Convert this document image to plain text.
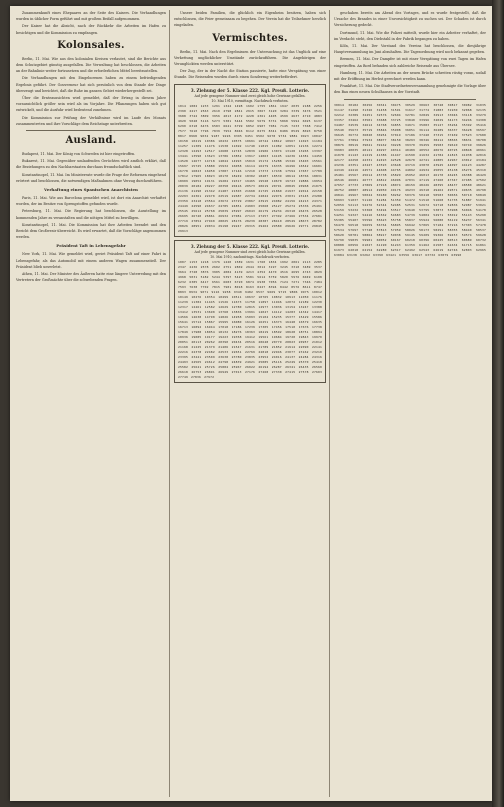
Zusammenkunft eines Ehepaares an der Seite des Kaisers. Die Verhandlungen wurden in üblicher Form geführt und mit großem Beifall aufgenommen.

Der Kaiser hat die Absicht, nach der Rückkehr die Arbeiten im Hafen zu besichtigen und die Kommission zu empfangen.

Kolonsales.

Berlin, 11. Mai. Wie aus den kolonialen Kreisen verlautet, sind die Berichte aus dem Schutzgebiet günstig ausgefallen. Die Verwaltung hat beschlossen, die Arbeiten an der Bahnlinie weiter fortzusetzen und die erforderlichen Mittel bereitzustellen.

Die Verhandlungen mit den Eingeborenen haben zu einem befriedigenden Ergebnis geführt. Der Gouverneur hat sich persönlich von dem Stande der Dinge überzeugt und berichtet, daß die Ruhe im ganzen Gebiet wiederhergestellt sei.

Über die Ernteaussichten wird gemeldet, daß der Ertrag in diesem Jahre voraussichtlich größer sein wird als im Vorjahre. Die Pflanzungen haben sich gut entwickelt, und die Ausfuhr wird bedeutend zunehmen.

Die Kommission zur Prüfung der Verhältnisse wird im Laufe des Monats zusammentreten und ihre Vorschläge dem Reichstage unterbreiten.

Ausland.

Budapest, 11. Mai. Der König von Schweden ist hier eingetroffen.

Bukarest, 11. Mai. Gegenüber umlaufenden Gerüchten wird amtlich erklärt, daß die Beziehungen zu den Nachbarstaaten durchaus freundschaftlich sind.

Konstantinopel, 11. Mai. Im Ministerrate wurde die Frage der Reformen eingehend erörtert und beschlossen, die notwendigen Maßnahmen ohne Verzug durchzuführen.

Verhaftung eines Spanischen Anarchisten

Paris, 11. Mai. Wie aus Barcelona gemeldet wird, ist dort ein Anarchist verhaftet worden, der im Besitze von Sprengstoffen gefunden wurde.

Petersburg, 11. Mai. Die Regierung hat beschlossen, die Ausstellung im kommenden Jahre zu veranstalten und die nötigen Mittel zu bewilligen.

Konstantinopel, 11. Mai. Die Kommission hat ihre Arbeiten beendet und den Bericht dem Großwesir überreicht. Es wird erwartet, daß die Vorschläge angenommen werden.

Präsident Taft in Lebensgefahr

New York, 11. Mai. Wie gemeldet wird, geriet Präsident Taft auf einer Fahrt in Lebensgefahr, als das Automobil mit einem anderen Wagen zusammenstieß. Der Präsident blieb unverletzt.

Athen, 11. Mai. Der Minister des Äußeren hatte eine längere Unterredung mit den Vertretern der Großmächte über die schwebenden Fragen.

Unsere beiden Familien, die glücklich ein Eigenheim besitzen, haben sich entschlossen, die Feier gemeinsam zu begehen. Der Verein hat die Teilnehmer herzlich eingeladen.

Vermischtes.

Berlin, 11. Mai. Nach den Ergebnissen der Untersuchung ist das Unglück auf eine Verkettung unglücklicher Umstände zurückzuführen. Die Angehörigen der Verunglückten werden unterstützt.

Der Zug, der in der Nacht die Station passierte, hatte eine Verspätung von einer Stunde. Die Reisenden wurden durch einen Sonderzug weiterbefördert.

3. Ziehung der 5. Klasse 222. Kgl. Preuß. Lotterie.
Auf jede gezogene Nummer sind zwei gleich hohe Gewinne gefallen.
10. Mai 1910, vormittags. Nachdruck verboten.
1014 1082 1233 1291 1344 1498 1602 1755 1861 1947 2035 2188 2256 2390 2417 2563 2610 2798 2841 2915 3067 3120 3284 3339 3476 3521 3688 3742 3809 3956 4013 4172 4228 4361 4405 4599 4637 4710 4883 4920 5048 5116 5273 5381 5444 5502 5679 5731 5868 5994 6025 6137 6290 6318 6476 6583 6641 6799 6852 6907 7081 7145 7233 7368 7412 7577 7610 7796 7839 7954 8046 8112 8275 8341 8486 8529 8693 8750 8817 8968 9034 9187 9226 9395 9451 9502 9678 9734 9881 9923 10047 10158 10219 10386 10432 10575 10691 10744 10812 10967 11023 11184 11257 11309 11476 11538 11692 11740 11815 11982 12051 12136 12274 12328 12493 12517 12688 12745 12839 12906 13074 13128 13265 13397 13441 13590 13623 13786 13852 13917 14063 14195 14236 14381 14459 14528 14677 14718 14844 14993 15019 15172 15288 15346 15403 15561 15697 15725 15880 15932 16058 16114 16279 16335 16496 16542 16601 16778 16823 16950 17087 17146 17210 17373 17438 17594 17657 17789 17812 17965 18023 18170 18249 18302 18487 18539 18614 18766 18831 18909 19052 19131 19284 19317 19465 19528 19670 19743 19886 19954 20039 20184 20227 20358 20416 20573 20619 20791 20845 20968 21075 21136 21290 21342 21487 21503 21668 21725 21860 21937 22014 22158 22293 22361 22470 22519 22687 22734 22842 22976 23031 23145 23288 23359 23418 23564 23672 23729 23867 23915 24082 24156 24213 24371 24449 24590 24637 24785 24851 24903 25068 25127 25274 25336 25491 25545 25612 25768 25839 25997 26043 26179 26234 26318 26476 26528 26695 26740 26861 26932 27081 27113 27257 27392 27466 27534 27681 27719 27854 27940 28025 28176 28239 28387 28410 28549 28673 28782 28826 28951 29034 29198 29247 29315 29462 29580 29626 29771 29845 29913
3. Ziehung der 5. Klasse 222. Kgl. Preuß. Lotterie.
Auf jede gezogene Nummer sind zwei gleich hohe Gewinne gefallen.
10. Mai 1910, nachmittags. Nachdruck verboten.
1007 1153 1218 1376 1420 1589 1631 1760 1834 1992 2061 2113 2285 2347 2436 2578 2602 2751 2869 2944 3012 3197 3245 3310 3489 3537 3664 3728 3876 3905 4084 4139 4213 4352 4470 4516 4695 4743 4829 4968 5031 5182 5244 5397 5423 5581 5614 5759 5820 5976 6049 6108 6232 6385 6417 6561 6683 6720 6874 6938 7056 7124 7271 7346 7484 7593 7638 7702 7815 7981 8018 8163 8227 8394 8442 8576 8611 8747 8893 8934 9071 9116 9258 9340 9482 9537 9669 9715 9806 9975 10012 10149 10276 10354 10499 10511 10637 10765 10832 10913 11050 11176 11239 11382 11445 11526 11673 11758 11897 11946 12072 12189 12230 12317 12461 12582 12629 12780 12815 12977 13036 13154 13247 13388 13412 13531 13690 13768 13836 13991 14047 14112 14283 14342 14417 14566 14638 14790 14826 14958 15093 15104 15235 15377 15429 15586 15641 15712 15867 15995 16080 16126 16251 16373 16448 16579 16635 16713 16892 16944 17018 17186 17239 17305 17456 17510 17676 17738 17849 17988 18054 18132 18276 18363 18419 18592 18628 18751 18894 18936 19085 19177 19223 19358 19412 19561 19684 19720 19843 19970 20051 20113 20262 20390 20434 20516 20648 20779 20823 20957 21012 21168 21225 21379 21406 21547 21631 21789 21852 21914 22090 22141 22216 22378 22482 22533 22651 22769 22818 22946 23077 23162 23210 23395 23441 23509 23638 23780 23835 23952 24016 24137 24284 24316 24493 24565 24612 24798 24839 24921 25085 25116 25249 25370 25418 25582 25641 25726 25884 25967 26022 26194 26287 26341 26435 26560 26618 26753 26891 26949 27013 27176 27268 27330 27415 27578 27603 27749 27836 27972

geschahen bereits am Abend des Vortages, und es wurde festgestellt, daß die Ursache des Brandes in einer Unvorsichtigkeit zu suchen sei. Der Schaden ist durch Versicherung gedeckt.

Dortmund, 11. Mai. Wie die Polizei mitteilt, wurde hier ein Arbeiter verhaftet, der im Verdacht steht, den Diebstahl in der Fabrik begangen zu haben.

Köln, 11. Mai. Der Vorstand des Vereins hat beschlossen, die diesjährige Hauptversammlung im Juni abzuhalten. Die Tagesordnung wird noch bekannt gegeben.

Bremen, 11. Mai. Der Dampfer ist mit einer Verspätung von zwei Tagen im Hafen eingetroffen. An Bord befanden sich zahlreiche Reisende aus Übersee.

Hamburg, 11. Mai. Die Arbeiten an der neuen Brücke schreiten rüstig voran, sodaß mit der Eröffnung im Herbst gerechnet werden kann.

Frankfurt, 11. Mai. Die Stadtverordnetenversammlung genehmigte die Vorlage über den Bau eines neuen Schulhauses in der Vorstadt.

30014 30182 30256 30341 30475 30529 30663 30748 30817 30982 31035 31147 31290 31326 31458 31591 31617 31774 31883 31930 32068 32135 32212 32389 32451 32576 32604 32781 32849 32913 33046 33118 33279 33357 33462 33501 33688 33725 33840 33996 34029 34173 34246 34308 34487 34539 34612 34768 34855 34971 35083 35127 35264 35392 35416 35540 35673 35719 35846 35908 36051 36114 36289 36337 36428 36597 36645 36772 36820 36954 37019 37186 37240 37315 37469 37523 37680 37761 37894 37932 38077 38150 38293 38346 38412 38565 38631 38708 38876 38919 39041 39162 39228 39370 39459 39583 39610 39749 39826 39983 40035 40121 40297 40314 40489 40552 40676 40725 40848 40961 41078 41143 41219 41386 41447 41590 41632 41784 41815 41938 42016 42177 42258 42331 42493 42528 42670 42741 42805 42967 43012 43184 43236 43351 43427 43593 43648 43719 43870 43945 44097 44123 44287 44349 44416 44571 44608 44765 44892 44934 45055 45138 45276 45310 45481 45567 45614 45738 45829 45952 46013 46170 46245 46388 46429 46546 46681 46777 46812 46996 47031 47119 47260 47347 47485 47502 47657 47733 47869 47918 48074 48159 48226 48395 48437 48580 48621 48752 48887 48914 49050 49176 49233 49318 49462 49571 49635 49798 49841 49967 50024 50180 50262 50376 50418 50583 50656 50710 50849 50993 51037 51126 51284 51359 51472 51510 51668 51735 51887 51941 52059 52113 52276 52344 52485 52531 52672 52718 52836 52987 53021 53159 53232 53368 53494 53517 53640 53795 53873 53908 54046 54178 54251 54327 54416 54562 54683 54739 54804 54971 55012 55143 55290 55385 55407 55596 55623 55758 55837 55924 56080 56119 56237 56341 56470 56518 56659 56764 56895 56942 57065 57184 57216 57303 57478 57534 57697 57748 57813 57959 58026 58173 58291 58355 58440 58537 58620 58781 58864 58917 59038 59145 59209 59366 59453 59574 59628 59790 59835 59981 60052 60167 60218 60396 60425 60513 60689 60732 60888 60956 61027 61190 61243 61359 61462 61587 61634 61715 61861 61973 62018 62154 62280 62317 62492 62543 62619 62746 62803 62965 63084 63138 63262 63390 63421 63556 63617 63732 63879 63990
